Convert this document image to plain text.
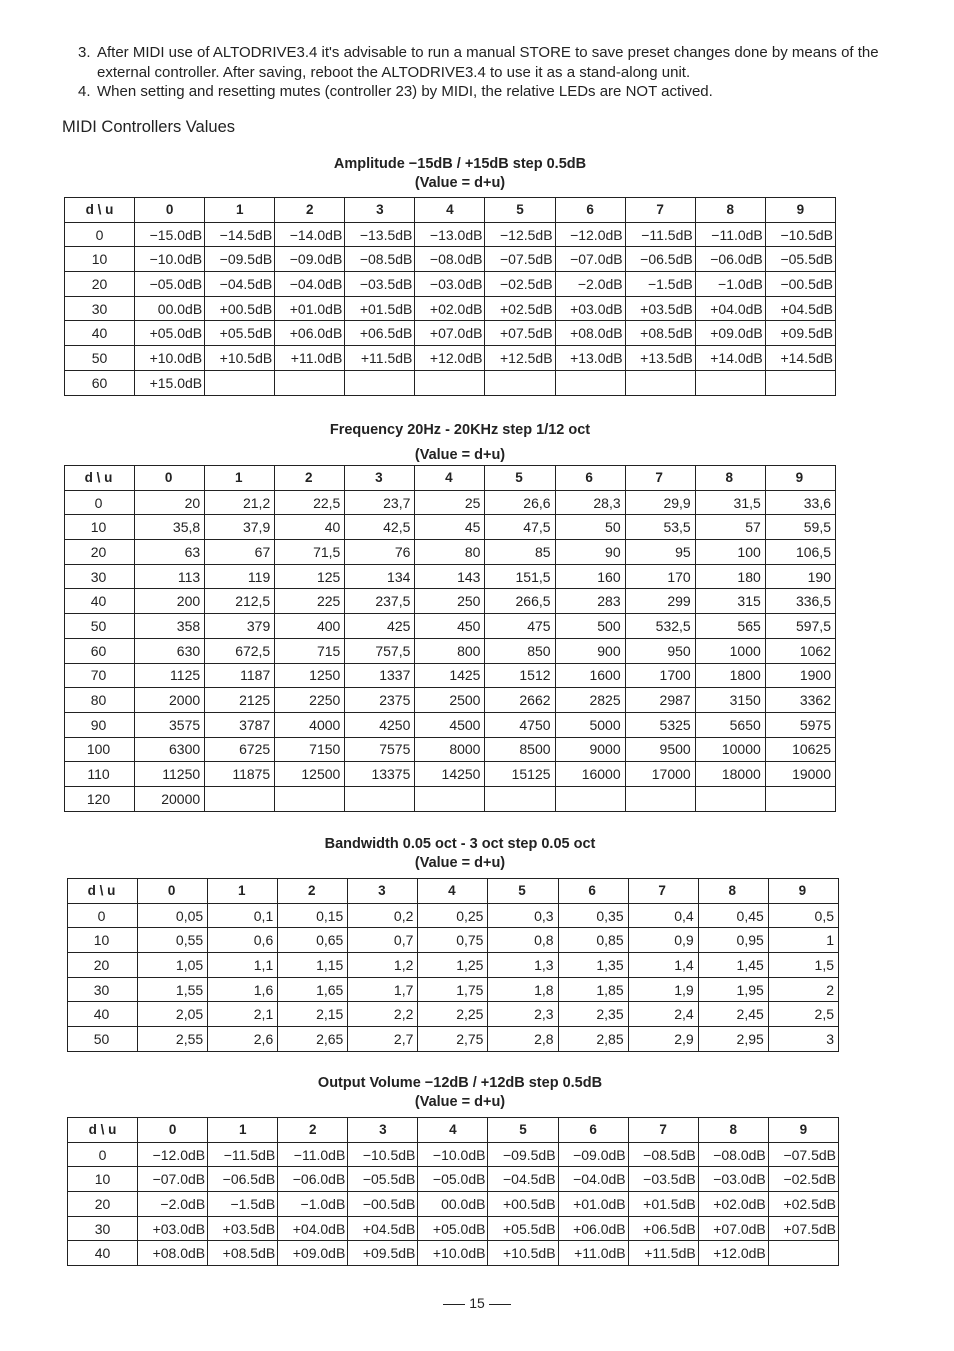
3. After MIDI use of ALTODRIVE3.4 it's advisable to run a manual STORE to save preset changes done by means of the external controller. After saving, reboot the ALTODRIVE3.4 to use it as a stand-along unit.
4. When setting and resetting mutes (controller 23) by MIDI, the relative LEDs are NOT actived.
MIDI Controllers Values
Amplitude −15dB / +15dB step 0.5dB
(Value = d+u)
d \ u	0	1	2	3	4	5	6	7	8	9
0	−15.0dB	−14.5dB	−14.0dB	−13.5dB	−13.0dB	−12.5dB	−12.0dB	−11.5dB	−11.0dB	−10.5dB
10	−10.0dB	−09.5dB	−09.0dB	−08.5dB	−08.0dB	−07.5dB	−07.0dB	−06.5dB	−06.0dB	−05.5dB
20	−05.0dB	−04.5dB	−04.0dB	−03.5dB	−03.0dB	−02.5dB	−2.0dB	−1.5dB	−1.0dB	−00.5dB
30	00.0dB	+00.5dB	+01.0dB	+01.5dB	+02.0dB	+02.5dB	+03.0dB	+03.5dB	+04.0dB	+04.5dB
40	+05.0dB	+05.5dB	+06.0dB	+06.5dB	+07.0dB	+07.5dB	+08.0dB	+08.5dB	+09.0dB	+09.5dB
50	+10.0dB	+10.5dB	+11.0dB	+11.5dB	+12.0dB	+12.5dB	+13.0dB	+13.5dB	+14.0dB	+14.5dB
60	+15.0dB									
Frequency 20Hz - 20KHz step 1/12 oct
(Value = d+u)
d \ u	0	1	2	3	4	5	6	7	8	9
0	20	21,2	22,5	23,7	25	26,6	28,3	29,9	31,5	33,6
10	35,8	37,9	40	42,5	45	47,5	50	53,5	57	59,5
20	63	67	71,5	76	80	85	90	95	100	106,5
30	113	119	125	134	143	151,5	160	170	180	190
40	200	212,5	225	237,5	250	266,5	283	299	315	336,5
50	358	379	400	425	450	475	500	532,5	565	597,5
60	630	672,5	715	757,5	800	850	900	950	1000	1062
70	1125	1187	1250	1337	1425	1512	1600	1700	1800	1900
80	2000	2125	2250	2375	2500	2662	2825	2987	3150	3362
90	3575	3787	4000	4250	4500	4750	5000	5325	5650	5975
100	6300	6725	7150	7575	8000	8500	9000	9500	10000	10625
110	11250	11875	12500	13375	14250	15125	16000	17000	18000	19000
120	20000									
Bandwidth 0.05 oct - 3 oct step 0.05 oct
(Value = d+u)
d \ u	0	1	2	3	4	5	6	7	8	9
0	0,05	0,1	0,15	0,2	0,25	0,3	0,35	0,4	0,45	0,5
10	0,55	0,6	0,65	0,7	0,75	0,8	0,85	0,9	0,95	1
20	1,05	1,1	1,15	1,2	1,25	1,3	1,35	1,4	1,45	1,5
30	1,55	1,6	1,65	1,7	1,75	1,8	1,85	1,9	1,95	2
40	2,05	2,1	2,15	2,2	2,25	2,3	2,35	2,4	2,45	2,5
50	2,55	2,6	2,65	2,7	2,75	2,8	2,85	2,9	2,95	3
Output Volume −12dB / +12dB step 0.5dB
(Value = d+u)
d \ u	0	1	2	3	4	5	6	7	8	9
0	−12.0dB	−11.5dB	−11.0dB	−10.5dB	−10.0dB	−09.5dB	−09.0dB	−08.5dB	−08.0dB	−07.5dB
10	−07.0dB	−06.5dB	−06.0dB	−05.5dB	−05.0dB	−04.5dB	−04.0dB	−03.5dB	−03.0dB	−02.5dB
20	−2.0dB	−1.5dB	−1.0dB	−00.5dB	00.0dB	+00.5dB	+01.0dB	+01.5dB	+02.0dB	+02.5dB
30	+03.0dB	+03.5dB	+04.0dB	+04.5dB	+05.0dB	+05.5dB	+06.0dB	+06.5dB	+07.0dB	+07.5dB
40	+08.0dB	+08.5dB	+09.0dB	+09.5dB	+10.0dB	+10.5dB	+11.0dB	+11.5dB	+12.0dB	
15
